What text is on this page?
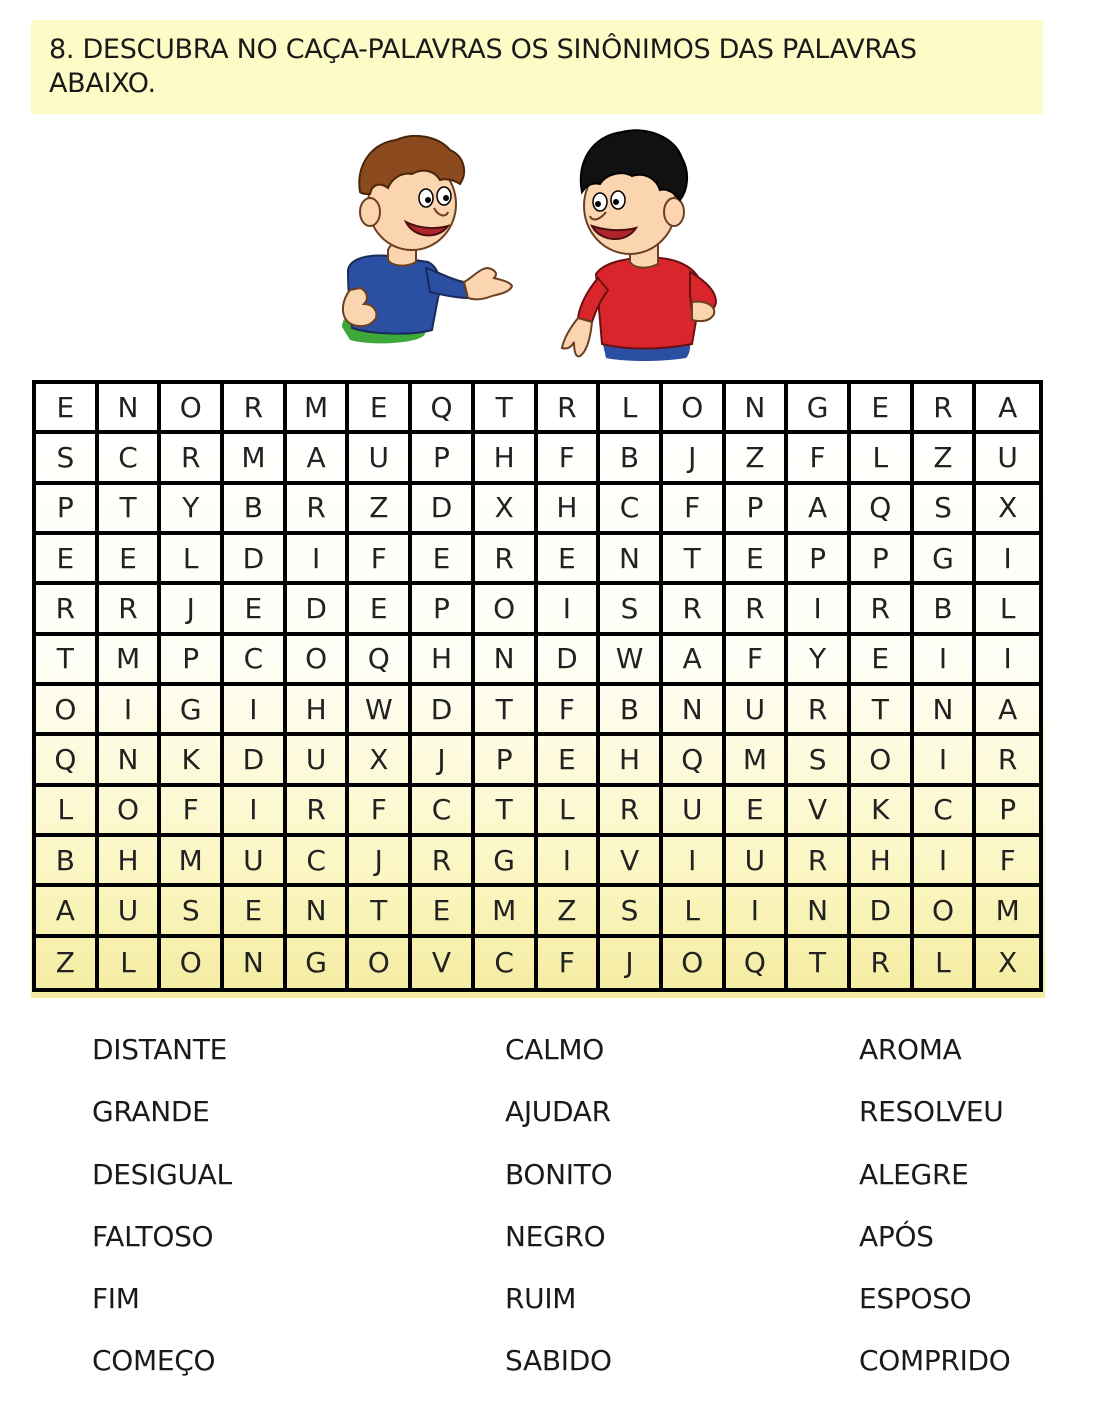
8. DESCUBRA NO CAÇA-PALAVRAS OS SINÔNIMOS DAS PALAVRAS
ABAIXO.
E	N	O	R	M	E	Q	T	R	L	O	N	G	E	R	A
S	C	R	M	A	U	P	H	F	B	J	Z	F	L	Z	U
P	T	Y	B	R	Z	D	X	H	C	F	P	A	Q	S	X
E	E	L	D	I	F	E	R	E	N	T	E	P	P	G	I
R	R	J	E	D	E	P	O	I	S	R	R	I	R	B	L
T	M	P	C	O	Q	H	N	D	W	A	F	Y	E	I	I
O	I	G	I	H	W	D	T	F	B	N	U	R	T	N	A
Q	N	K	D	U	X	J	P	E	H	Q	M	S	O	I	R
L	O	F	I	R	F	C	T	L	R	U	E	V	K	C	P
B	H	M	U	C	J	R	G	I	V	I	U	R	H	I	F
A	U	S	E	N	T	E	M	Z	S	L	I	N	D	O	M
Z	L	O	N	G	O	V	C	F	J	O	Q	T	R	L	X
DISTANTE
GRANDE
DESIGUAL
FALTOSO
FIM
COMEÇO
CALMO
AJUDAR
BONITO
NEGRO
RUIM
SABIDO
AROMA
RESOLVEU
ALEGRE
APÓS
ESPOSO
COMPRIDO
